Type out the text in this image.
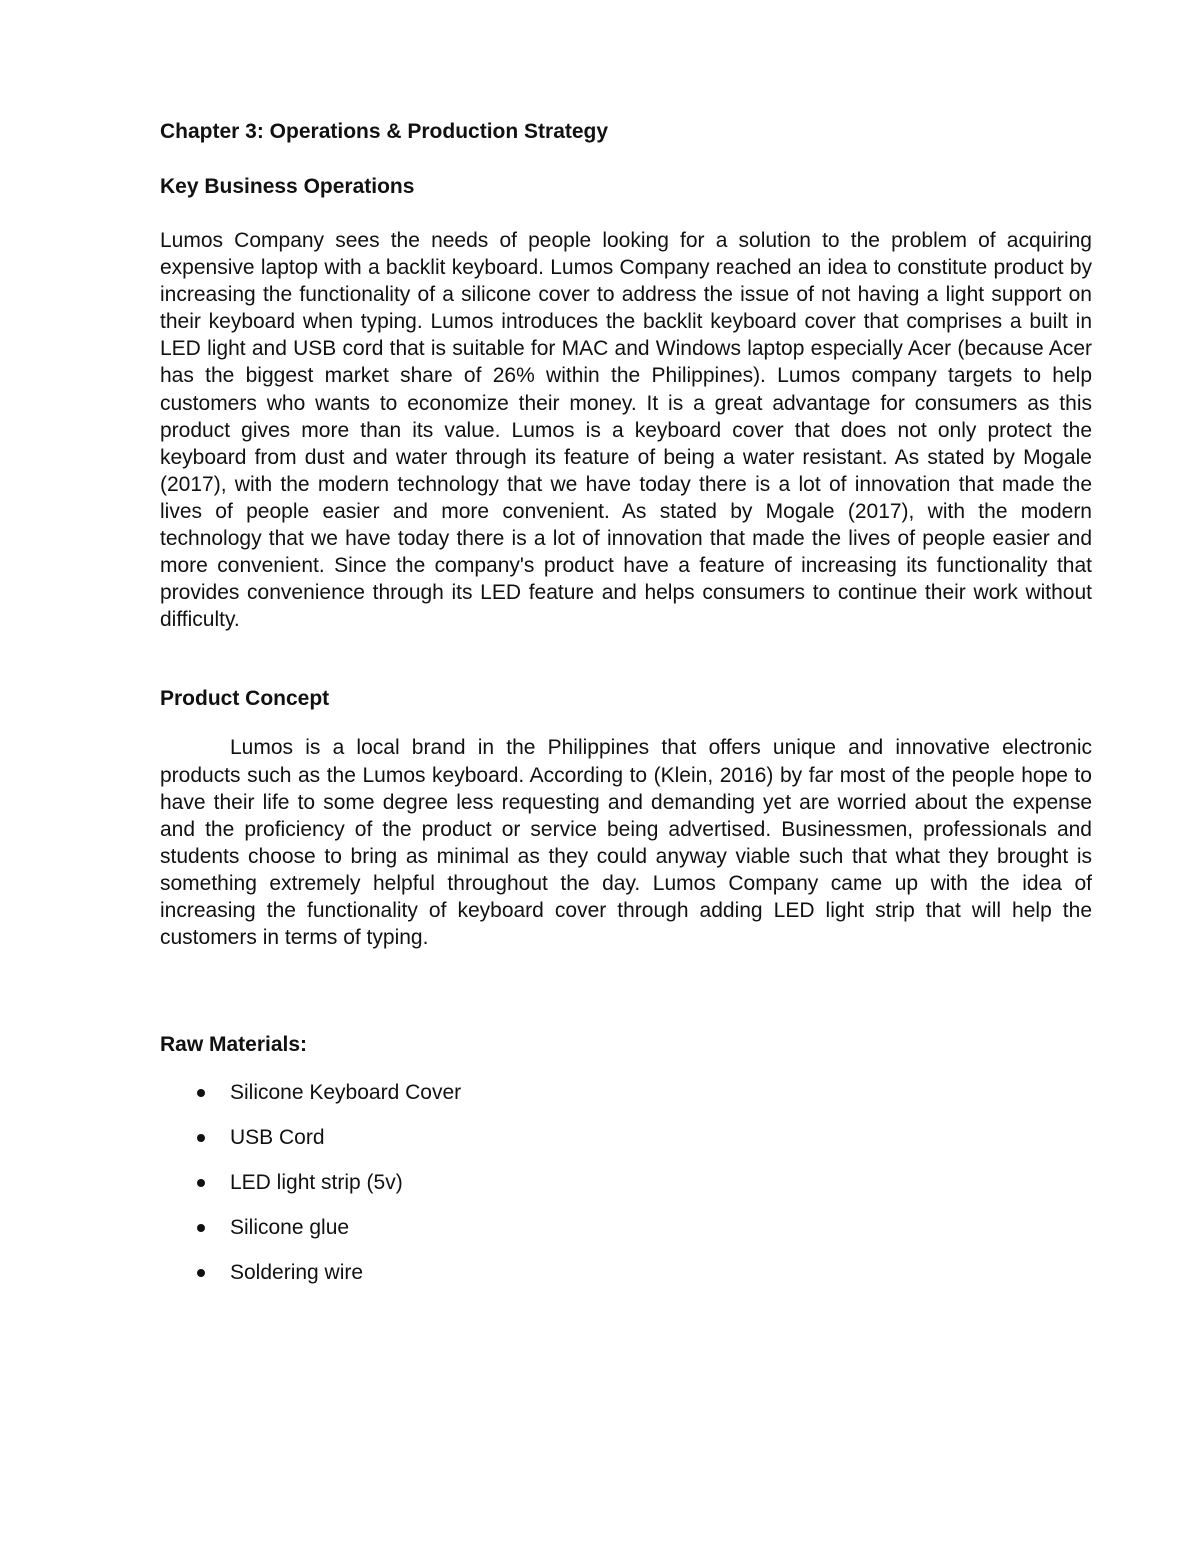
Chapter 3: Operations & Production Strategy
Key Business Operations

Lumos Company sees the needs of people looking for a solution to the problem of acquiring expensive laptop with a backlit keyboard. Lumos Company reached an idea to constitute product by increasing the functionality of a silicone cover to address the issue of not having a light support on their keyboard when typing. Lumos introduces the backlit keyboard cover that comprises a built in LED light and USB cord that is suitable for MAC and Windows laptop especially Acer (because Acer has the biggest market share of 26% within the Philippines). Lumos company targets to help customers who wants to economize their money. It is a great advantage for consumers as this product gives more than its value. Lumos is a keyboard cover that does not only protect the keyboard from dust and water through its feature of being a water resistant. As stated by Mogale (2017), with the modern technology that we have today there is a lot of innovation that made the lives of people easier and more convenient. As stated by Mogale (2017), with the modern technology that we have today there is a lot of innovation that made the lives of people easier and more convenient. Since the company's product have a feature of increasing its functionality that provides convenience through its LED feature and helps consumers to continue their work without difficulty.

Product Concept

Lumos is a local brand in the Philippines that offers unique and innovative electronic products such as the Lumos keyboard. According to (Klein, 2016) by far most of the people hope to have their life to some degree less requesting and demanding yet are worried about the expense and the proficiency of the product or service being advertised. Businessmen, professionals and students choose to bring as minimal as they could anyway viable such that what they brought is something extremely helpful throughout the day. Lumos Company came up with the idea of increasing the functionality of keyboard cover through adding LED light strip that will help the customers in terms of typing.

Raw Materials:
Silicone Keyboard Cover
USB Cord
LED light strip (5v)
Silicone glue
Soldering wire
